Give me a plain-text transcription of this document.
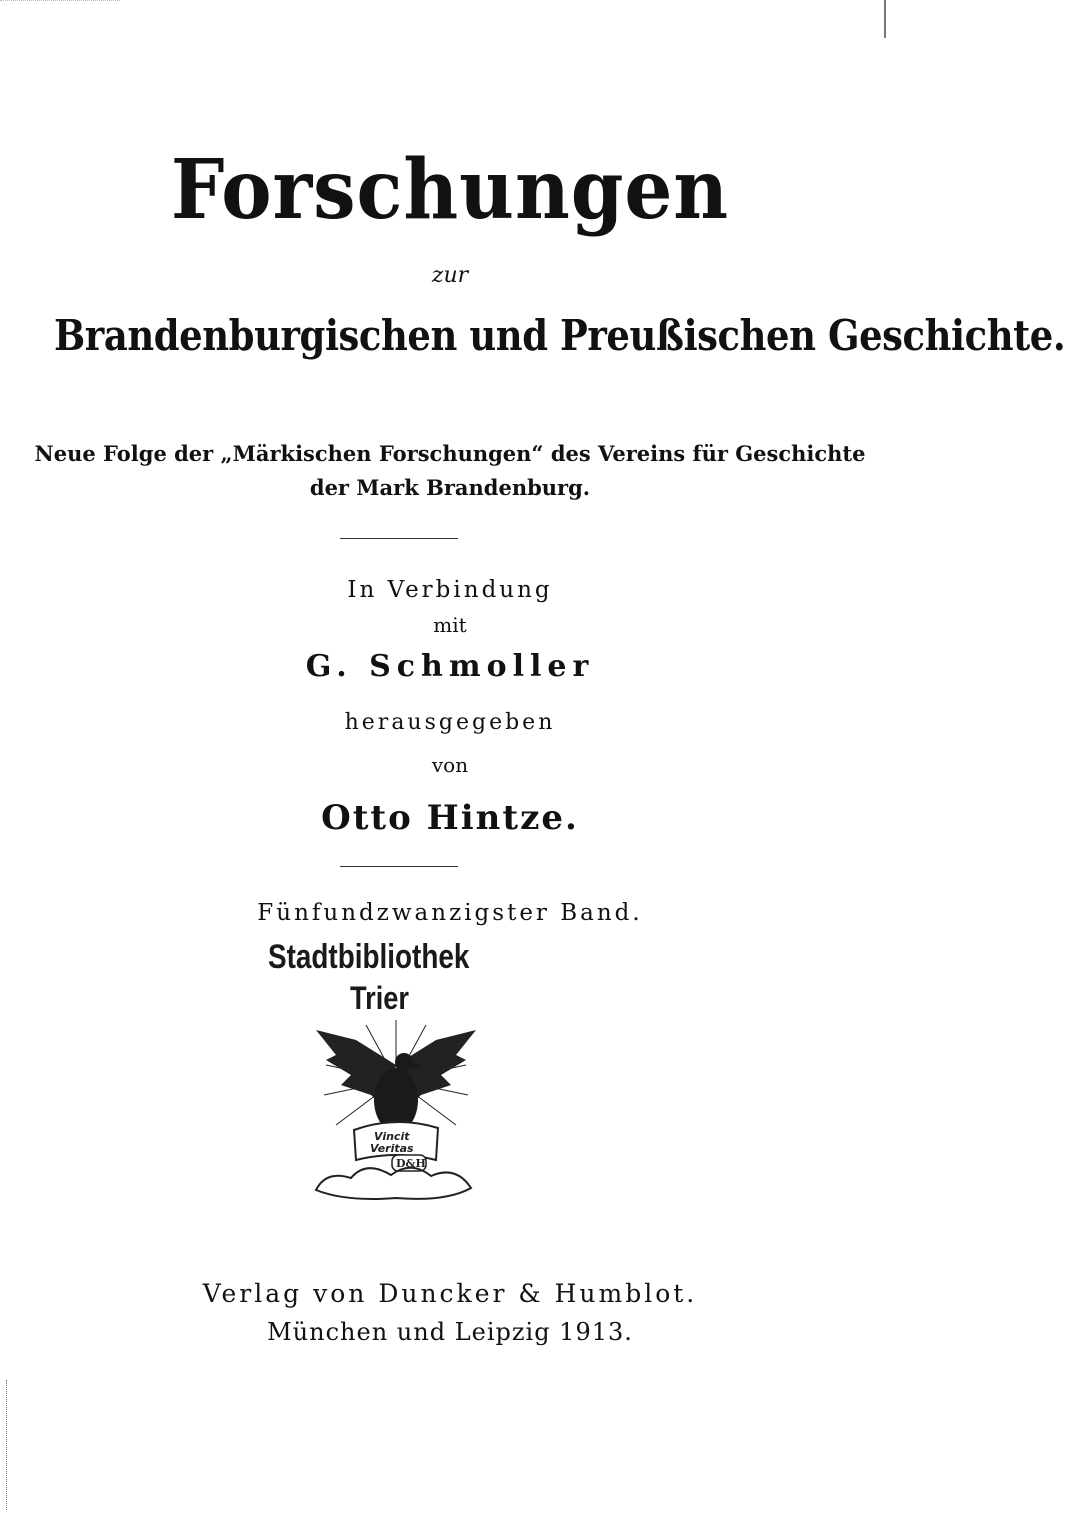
Forschungen
zur
Brandenburgischen und Preußischen Geschichte.
Neue Folge der „Märkischen Forschungen“ des Vereins für Geschichte
der Mark Brandenburg.
In Verbindung
mit
G. Schmoller
herausgegeben
von
Otto Hintze.
Fünfundzwanzigster Band.
Stadtbibliothek
Trier
Vincit
Veritas
D&H
Verlag von Duncker & Humblot.
München und Leipzig 1913.
